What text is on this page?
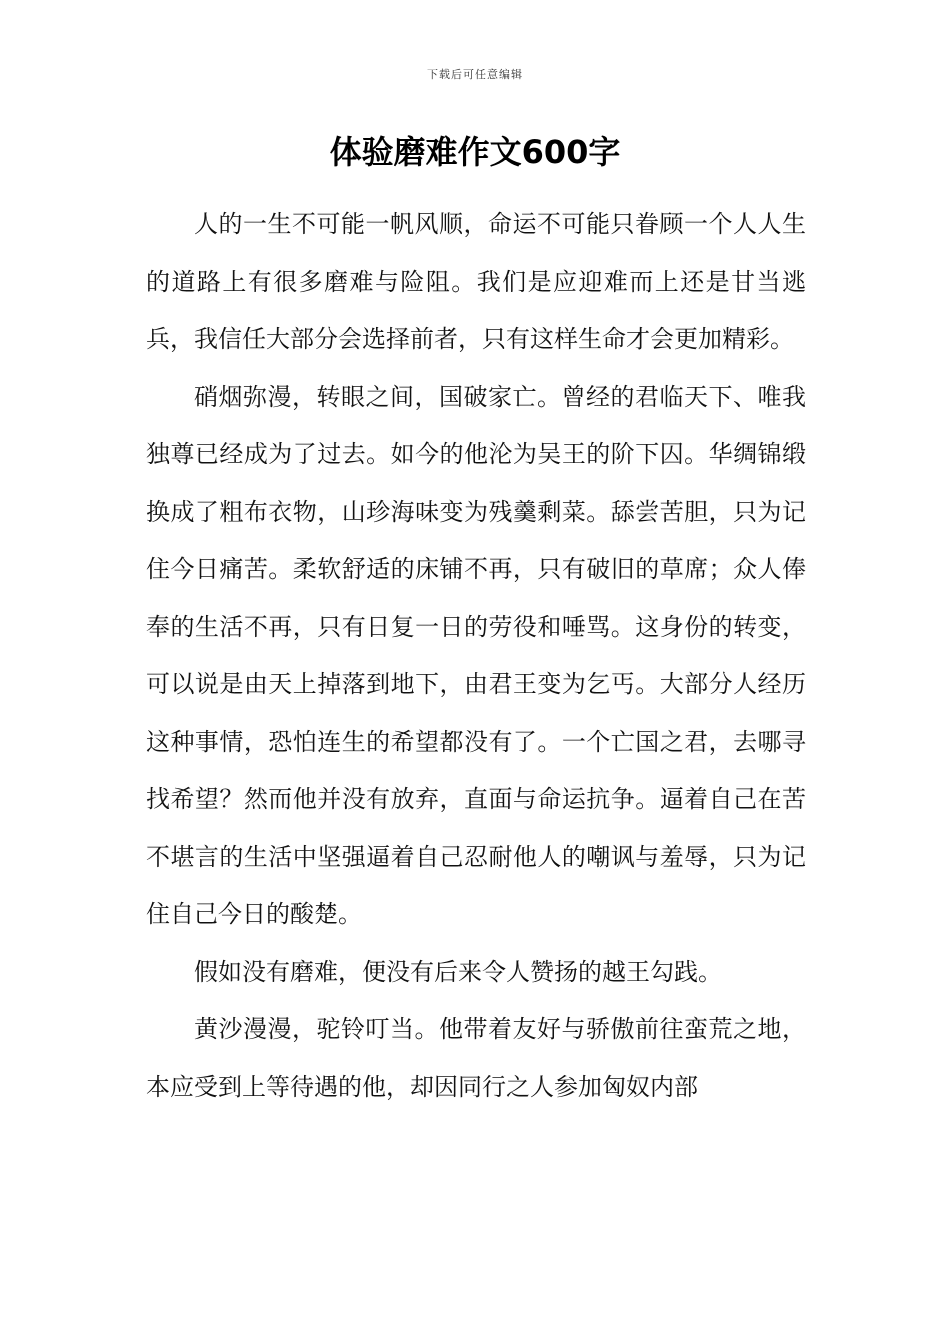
下载后可任意编辑
体验磨难作文600字

人的一生不可能一帆风顺，命运不可能只眷顾一个人人生的道路上有很多磨难与险阻。我们是应迎难而上还是甘当逃兵，我信任大部分会选择前者，只有这样生命才会更加精彩。

硝烟弥漫，转眼之间，国破家亡。曾经的君临天下、唯我独尊已经成为了过去。如今的他沦为吴王的阶下囚。华绸锦缎换成了粗布衣物，山珍海味变为残羹剩菜。舔尝苦胆，只为记住今日痛苦。柔软舒适的床铺不再，只有破旧的草席；众人俸奉的生活不再，只有日复一日的劳役和唾骂。这身份的转变，可以说是由天上掉落到地下，由君王变为乞丐。大部分人经历这种事情，恐怕连生的希望都没有了。一个亡国之君，去哪寻找希望？然而他并没有放弃，直面与命运抗争。逼着自己在苦不堪言的生活中坚强逼着自己忍耐他人的嘲讽与羞辱，只为记住自己今日的酸楚。

假如没有磨难，便没有后来令人赞扬的越王勾践。

黄沙漫漫，驼铃叮当。他带着友好与骄傲前往蛮荒之地，本应受到上等待遇的他，却因同行之人参加匈奴内部
